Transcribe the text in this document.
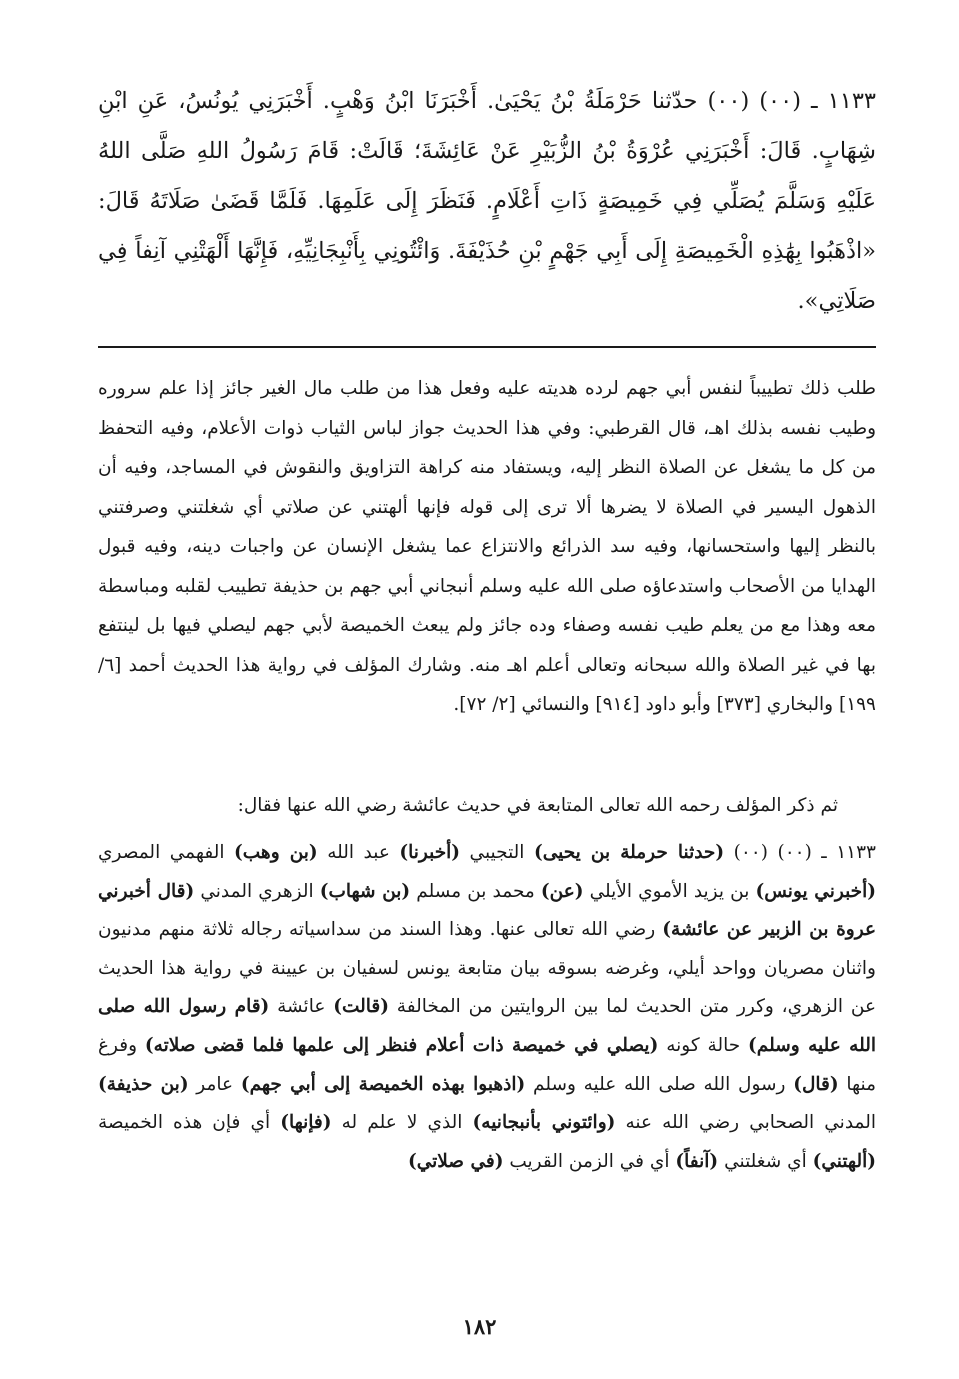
١١٣٣ ـ (٠٠) (٠٠) حدّثنا حَرْمَلَةُ بْنُ يَحْيَىٰ. أَخْبَرَنَا ابْنُ وَهْبٍ. أَخْبَرَنِي يُونُسُ، عَنِ ابْنِ شِهَابٍ. قَالَ: أَخْبَرَنِي عُرْوَةُ بْنُ الزُّبَيْرِ عَنْ عَائِشَةَ؛ قَالَتْ: قَامَ رَسُولُ اللهِ صَلَّى اللهُ عَلَيْهِ وَسَلَّمَ يُصَلِّي فِي خَمِيصَةٍ ذَاتِ أَعْلَامٍ. فَنَظَرَ إِلَى عَلَمِهَا. فَلَمَّا قَضَىٰ صَلَاتَهُ قَالَ: «اذْهَبُوا بِهَٰذِهِ الْخَمِيصَةِ إِلَى أَبِي جَهْمٍ بْنِ حُذَيْفَةَ. وَائْتُونِي بِأَنْبِجَانِيِّهِ، فَإِنَّهَا أَلْهَتْنِي آنِفاً فِي صَلَاتِي».

طلب ذلك تطييباً لنفس أبي جهم لرده هديته عليه وفعل هذا من طلب مال الغير جائز إذا علم سروره وطيب نفسه بذلك اهـ، قال القرطبي: وفي هذا الحديث جواز لباس الثياب ذوات الأعلام، وفيه التحفظ من كل ما يشغل عن الصلاة النظر إليه، ويستفاد منه كراهة التزاويق والنقوش في المساجد، وفيه أن الذهول اليسير في الصلاة لا يضرها ألا ترى إلى قوله فإنها ألهتني عن صلاتي أي شغلتني وصرفتني بالنظر إليها واستحسانها، وفيه سد الذرائع والانتزاع عما يشغل الإنسان عن واجبات دينه، وفيه قبول الهدايا من الأصحاب واستدعاؤه صلى الله عليه وسلم أنبجاني أبي جهم بن حذيفة تطييب لقلبه ومباسطة معه وهذا مع من يعلم طيب نفسه وصفاء وده جائز ولم يبعث الخميصة لأبي جهم ليصلي فيها بل لينتفع بها في غير الصلاة والله سبحانه وتعالى أعلم اهـ منه. وشارك المؤلف في رواية هذا الحديث أحمد [٦/ ١٩٩] والبخاري [٣٧٣] وأبو داود [٩١٤] والنسائي [٢/ ٧٢].

ثم ذكر المؤلف رحمه الله تعالى المتابعة في حديث عائشة رضي الله عنها فقال:

١١٣٣ ـ (٠٠) (٠٠) (حدثنا حرملة بن يحيى) التجيبي (أخبرنا) عبد الله (بن وهب) الفهمي المصري (أخبرني يونس) بن يزيد الأموي الأيلي (عن) محمد بن مسلم (بن شهاب) الزهري المدني (قال أخبرني عروة بن الزبير عن عائشة) رضي الله تعالى عنها. وهذا السند من سداسياته رجاله ثلاثة منهم مدنيون واثنان مصريان وواحد أيلي، وغرضه بسوقه بيان متابعة يونس لسفيان بن عيينة في رواية هذا الحديث عن الزهري، وكرر متن الحديث لما بين الروايتين من المخالفة (قالت) عائشة (قام رسول الله صلى الله عليه وسلم) حالة كونه (يصلي في خميصة ذات أعلام فنظر إلى علمها فلما قضى صلاته) وفرغ منها (قال) رسول الله صلى الله عليه وسلم (اذهبوا بهذه الخميصة إلى أبي جهم) عامر (بن حذيفة) المدني الصحابي رضي الله عنه (وائتوني بأنبجانيه) الذي لا علم له (فإنها) أي فإن هذه الخميصة (ألهتني) أي شغلتني (آنفاً) أي في الزمن القريب (في صلاتي)

١٨٢
